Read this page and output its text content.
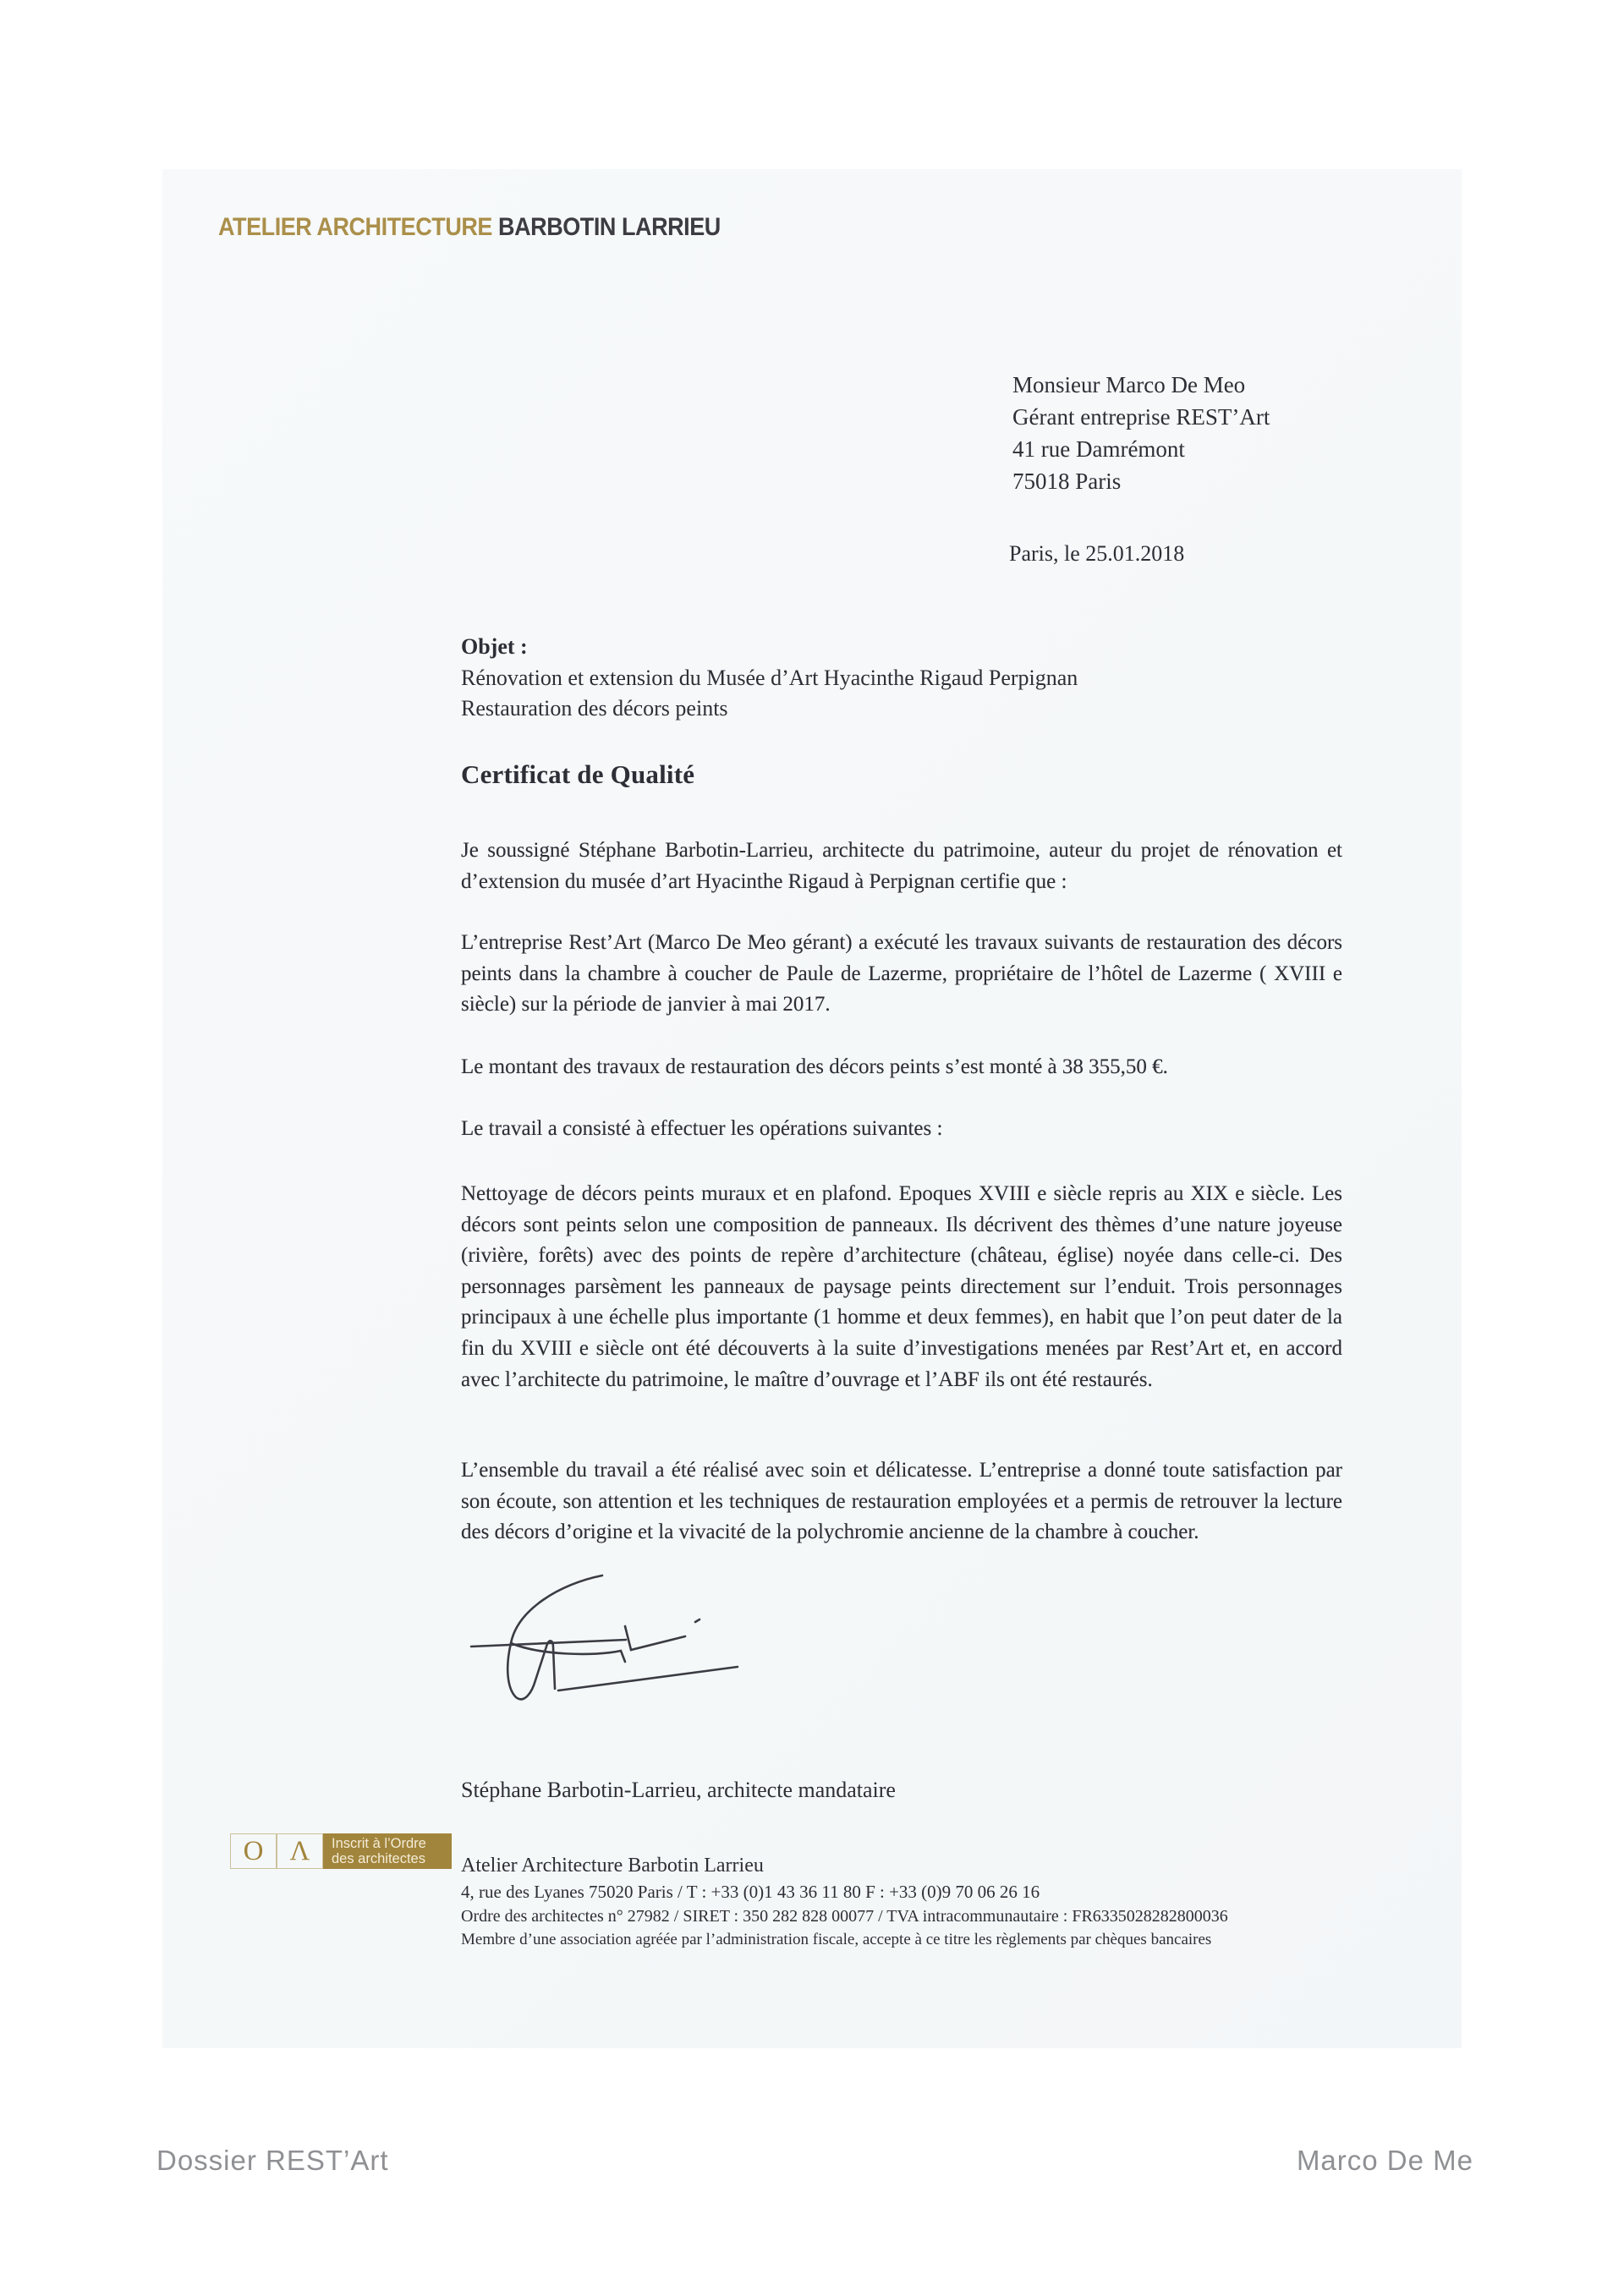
ATELIER ARCHITECTURE BARBOTIN LARRIEU
Monsieur Marco De Meo
Gérant entreprise REST’Art
41 rue Damrémont
75018 Paris
Paris, le 25.01.2018
Objet :
Rénovation et extension du Musée d’Art Hyacinthe Rigaud Perpignan
Restauration des décors peints
Certificat de Qualité

Je soussigné Stéphane Barbotin-Larrieu, architecte du patrimoine, auteur du projet de rénovation et d’extension du musée d’art Hyacinthe Rigaud à Perpignan certifie que :

L’entreprise Rest’Art (Marco De Meo gérant) a exécuté les travaux suivants de restauration des décors peints dans la chambre à coucher de Paule de Lazerme, propriétaire de l’hôtel de Lazerme ( XVIII e siècle) sur la période de janvier à mai 2017.

Le montant des travaux de restauration des décors peints s’est monté à 38 355,50 €.

Le travail a consisté à effectuer les opérations suivantes :

Nettoyage de décors peints muraux et en plafond. Epoques XVIII e siècle repris au XIX e siècle. Les décors sont peints selon une composition de panneaux. Ils décrivent des thèmes d’une nature joyeuse (rivière, forêts) avec des points de repère d’architecture (château, église) noyée dans celle-ci. Des personnages parsèment les panneaux de paysage peints directement sur l’enduit. Trois personnages principaux à une échelle plus importante (1 homme et deux femmes), en habit que l’on peut dater de la fin du XVIII e siècle ont été découverts à la suite d’investigations menées par Rest’Art et, en accord avec l’architecte du patrimoine, le maître d’ouvrage et l’ABF ils ont été restaurés.

L’ensemble du travail a été réalisé avec soin et délicatesse. L’entreprise a donné toute satisfaction par son écoute, son attention et les techniques de restauration employées et a permis de retrouver la lecture des décors d’origine et la vivacité de la polychromie ancienne de la chambre à coucher.

Stéphane Barbotin-Larrieu, architecte mandataire
O Λ	Inscrit à l’Ordre
des architectes	Atelier Architecture Barbotin Larrieu
4, rue des Lyanes 75020 Paris / T : +33 (0)1 43 36 11 80 F : +33 (0)9 70 06 26 16
Ordre des architectes n° 27982 / SIRET : 350 282 828 00077 / TVA intracommunautaire : FR6335028282800036
Membre d’une association agréée par l’administration fiscale, accepte à ce titre les règlements par chèques bancaires
Dossier REST’Art	Marco De Me
